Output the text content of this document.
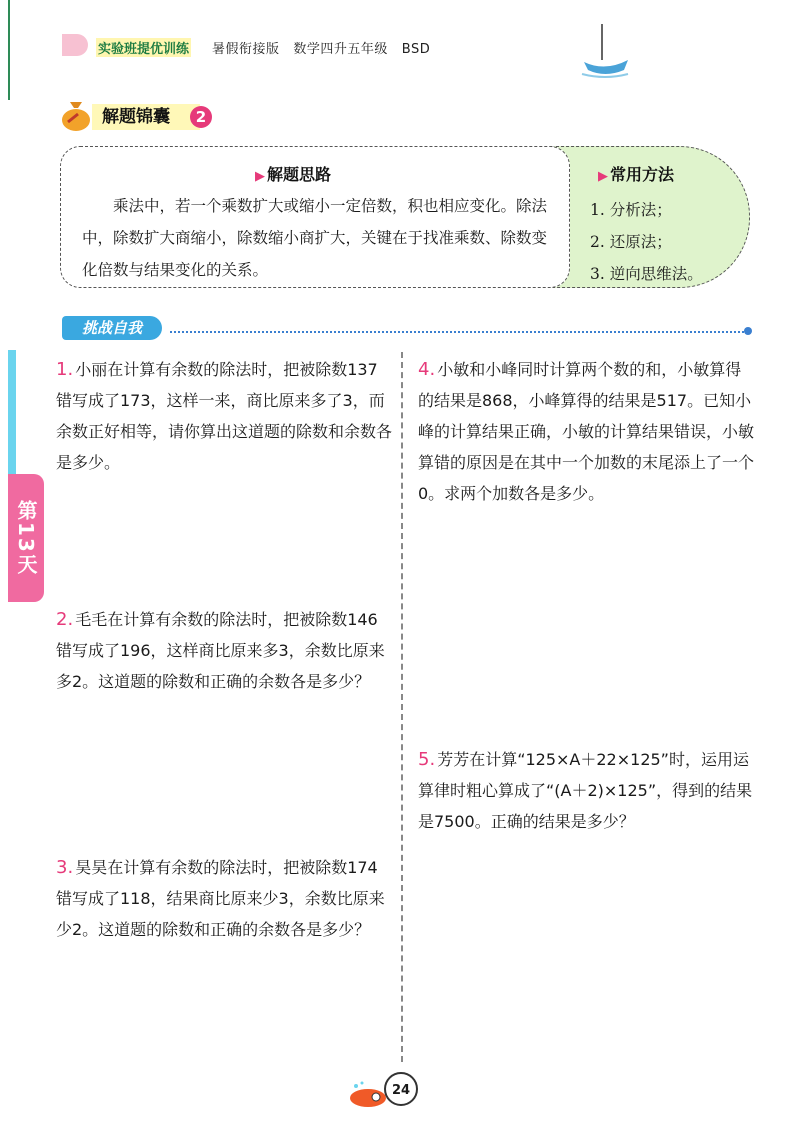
实验班提优训练 暑假衔接版   数学四升五年级   BSD
解题锦囊	2
▶ 解题思路
乘法中，若一个乘数扩大或缩小一定倍数，积也相应变化。除法中，除数扩大商缩小，除数缩小商扩大，关键在于找准乘数、除数变化倍数与结果变化的关系。
▶ 常用方法
1. 分析法；
2. 还原法；
3. 逆向思维法。
挑战自我
第13天
1. 小丽在计算有余数的除法时，把被除数137错写成了173，这样一来，商比原来多了3，而余数正好相等，请你算出这道题的除数和余数各是多少。
2. 毛毛在计算有余数的除法时，把被除数146错写成了196，这样商比原来多3，余数比原来多2。这道题的除数和正确的余数各是多少？
3. 昊昊在计算有余数的除法时，把被除数174错写成了118，结果商比原来少3，余数比原来少2。这道题的除数和正确的余数各是多少？
4. 小敏和小峰同时计算两个数的和，小敏算得的结果是868，小峰算得的结果是517。已知小峰的计算结果正确，小敏的计算结果错误，小敏算错的原因是在其中一个加数的末尾添上了一个0。求两个加数各是多少。
5. 芳芳在计算“125×A＋22×125”时，运用运算律时粗心算成了“(A＋2)×125”，得到的结果是7500。正确的结果是多少？
24
